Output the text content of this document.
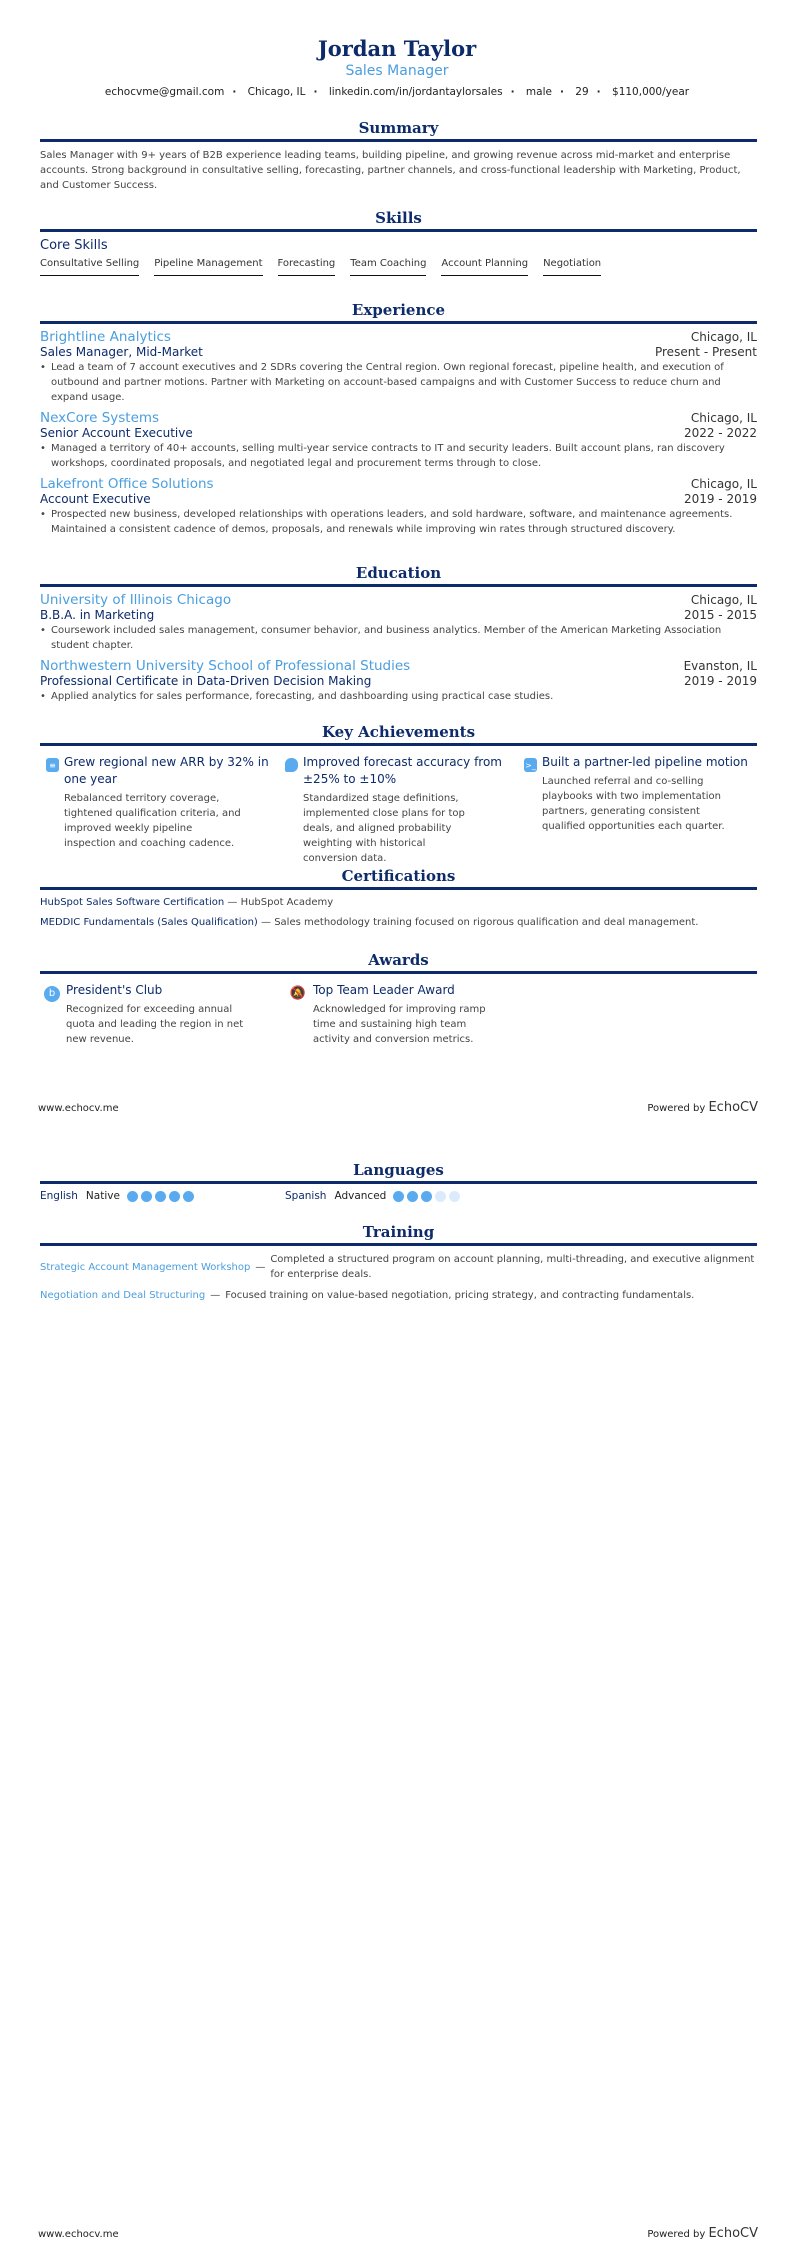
Jordan Taylor
Sales Manager
echocvme@gmail.com · Chicago, IL · linkedin.com/in/jordantaylorsales · male · 29 · $110,000/year
Summary
Sales Manager with 9+ years of B2B experience leading teams, building pipeline, and growing revenue across mid-market and enterprise accounts. Strong background in consultative selling, forecasting, partner channels, and cross-functional leadership with Marketing, Product, and Customer Success.
Skills
Core Skills
Consultative Selling Pipeline Management Forecasting Team Coaching Account Planning Negotiation
Experience
Brightline Analytics	Chicago, IL
Sales Manager, Mid-Market	Present - Present
• Lead a team of 7 account executives and 2 SDRs covering the Central region. Own regional forecast, pipeline health, and execution of outbound and partner motions. Partner with Marketing on account-based campaigns and with Customer Success to reduce churn and expand usage.
NexCore Systems	Chicago, IL
Senior Account Executive	2022 - 2022
• Managed a territory of 40+ accounts, selling multi-year service contracts to IT and security leaders. Built account plans, ran discovery workshops, coordinated proposals, and negotiated legal and procurement terms through to close.
Lakefront Office Solutions	Chicago, IL
Account Executive	2019 - 2019
• Prospected new business, developed relationships with operations leaders, and sold hardware, software, and maintenance agreements. Maintained a consistent cadence of demos, proposals, and renewals while improving win rates through structured discovery.
Education
University of Illinois Chicago	Chicago, IL
B.B.A. in Marketing	2015 - 2015
• Coursework included sales management, consumer behavior, and business analytics. Member of the American Marketing Association student chapter.
Northwestern University School of Professional Studies	Evanston, IL
Professional Certificate in Data-Driven Decision Making	2019 - 2019
• Applied analytics for sales performance, forecasting, and dashboarding using practical case studies.
Key Achievements
≡ Grew regional new ARR by 32% in one year
Rebalanced territory coverage, tightened qualification criteria, and improved weekly pipeline inspection and coaching cadence.
Improved forecast accuracy from ±25% to ±10%
Standardized stage definitions, implemented close plans for top deals, and aligned probability weighting with historical conversion data.
>_ Built a partner-led pipeline motion
Launched referral and co-selling playbooks with two implementation partners, generating consistent qualified opportunities each quarter.
Certifications
HubSpot Sales Software Certification — HubSpot Academy
MEDDIC Fundamentals (Sales Qualification) — Sales methodology training focused on rigorous qualification and deal management.
Awards
b President's Club
Recognized for exceeding annual quota and leading the region in net new revenue.
🔕 Top Team Leader Award
Acknowledged for improving ramp time and sustaining high team activity and conversion metrics.
www.echocv.me	Powered by EchoCV
Languages
English Native	Spanish Advanced
Training
Strategic Account Management Workshop —
Completed a structured program on account planning, multi-threading, and executive alignment for enterprise deals.
Negotiation and Deal Structuring — Focused training on value-based negotiation, pricing strategy, and contracting fundamentals.
www.echocv.me	Powered by EchoCV
